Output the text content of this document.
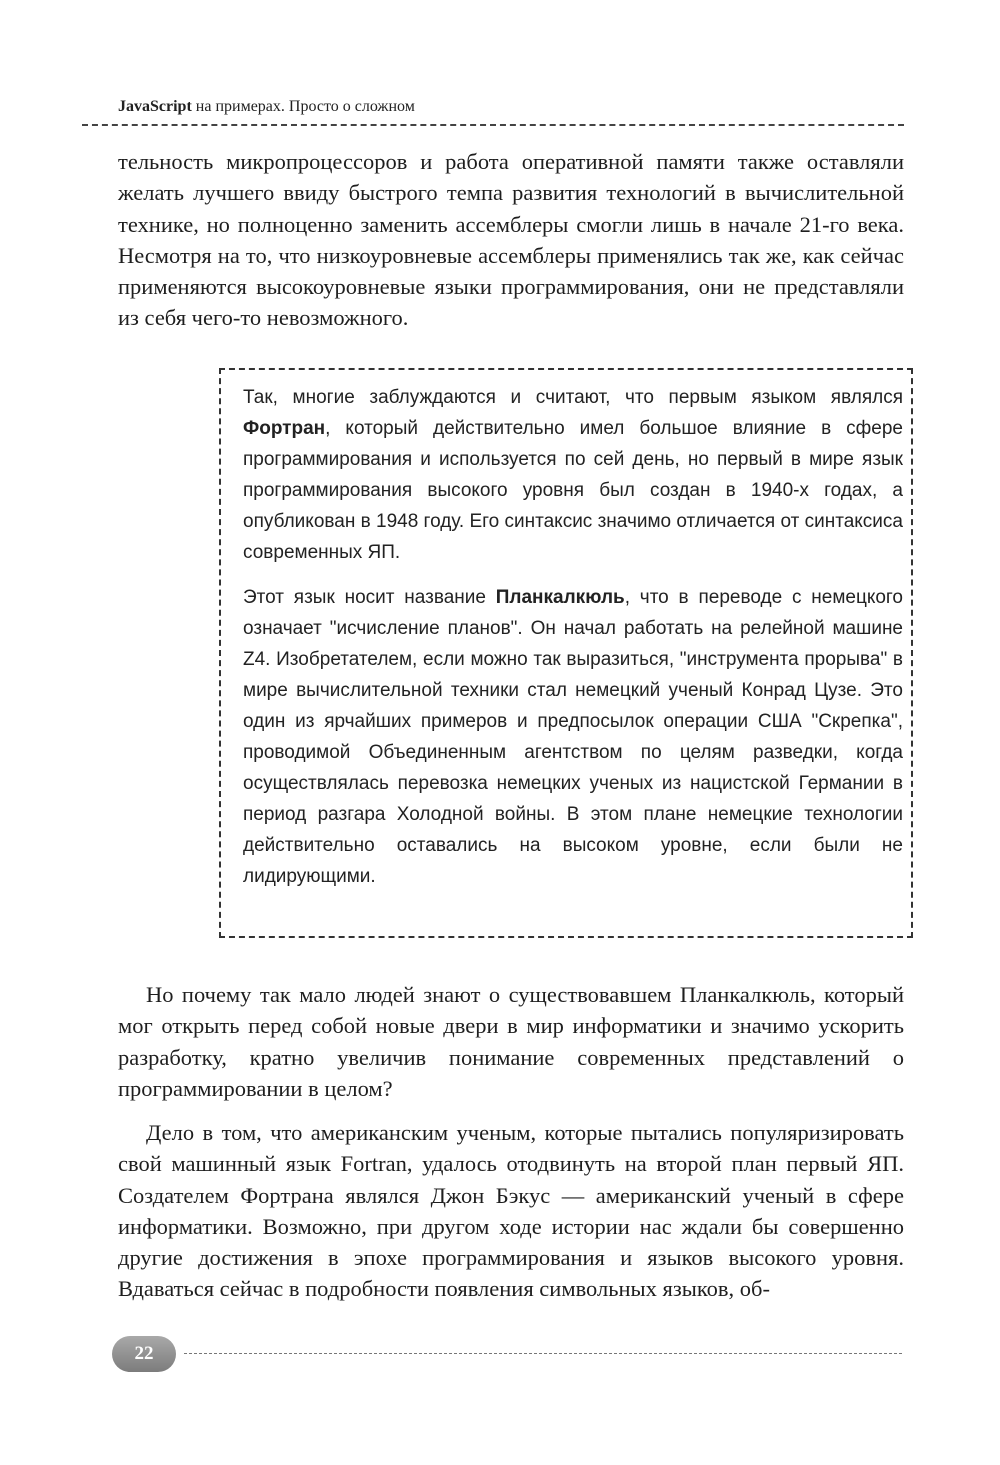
JavaScript на примерах. Просто о сложном

тельность микропроцессоров и работа оперативной памяти также оставляли желать лучшего ввиду быстрого темпа развития технологий в вычислительной технике, но полноценно заменить ассемблеры смогли лишь в начале 21-го века. Несмотря на то, что низкоуровневые ассемблеры применялись так же, как сейчас применяются высокоуровневые языки программирования, они не представляли из себя чего-то невозможного.

Так, многие заблуждаются и считают, что первым языком являлся Фортран, который действительно имел большое влияние в сфере программирования и используется по сей день, но первый в мире язык программирования высокого уровня был создан в 1940-х годах, а опубликован в 1948 году. Его синтаксис значимо отличается от синтаксиса современных ЯП.

Этот язык носит название Планкалкюль, что в переводе с немецкого означает "исчисление планов". Он начал работать на релейной машине Z4. Изобретателем, если можно так выразиться, "инструмента прорыва" в мире вычислительной техники стал немецкий ученый Конрад Цузе. Это один из ярчайших примеров и предпосылок операции США "Скрепка", проводимой Объединенным агентством по целям разведки, когда осуществлялась перевозка немецких ученых из нацистской Германии в период разгара Холодной войны. В этом плане немецкие технологии действительно оставались на высоком уровне, если были не лидирующими.

Но почему так мало людей знают о существовавшем Планкалкюль, который мог открыть перед собой новые двери в мир информатики и значимо ускорить разработку, кратно увеличив понимание современных представлений о программировании в целом?

Дело в том, что американским ученым, которые пытались популяризировать свой машинный язык Fortran, удалось отодвинуть на второй план первый ЯП. Создателем Фортрана являлся Джон Бэкус — американский ученый в сфере информатики. Возможно, при другом ходе истории нас ждали бы совершенно другие достижения в эпохе программирования и языков высокого уровня. Вдаваться сейчас в подробности появления символьных языков, об-

22
